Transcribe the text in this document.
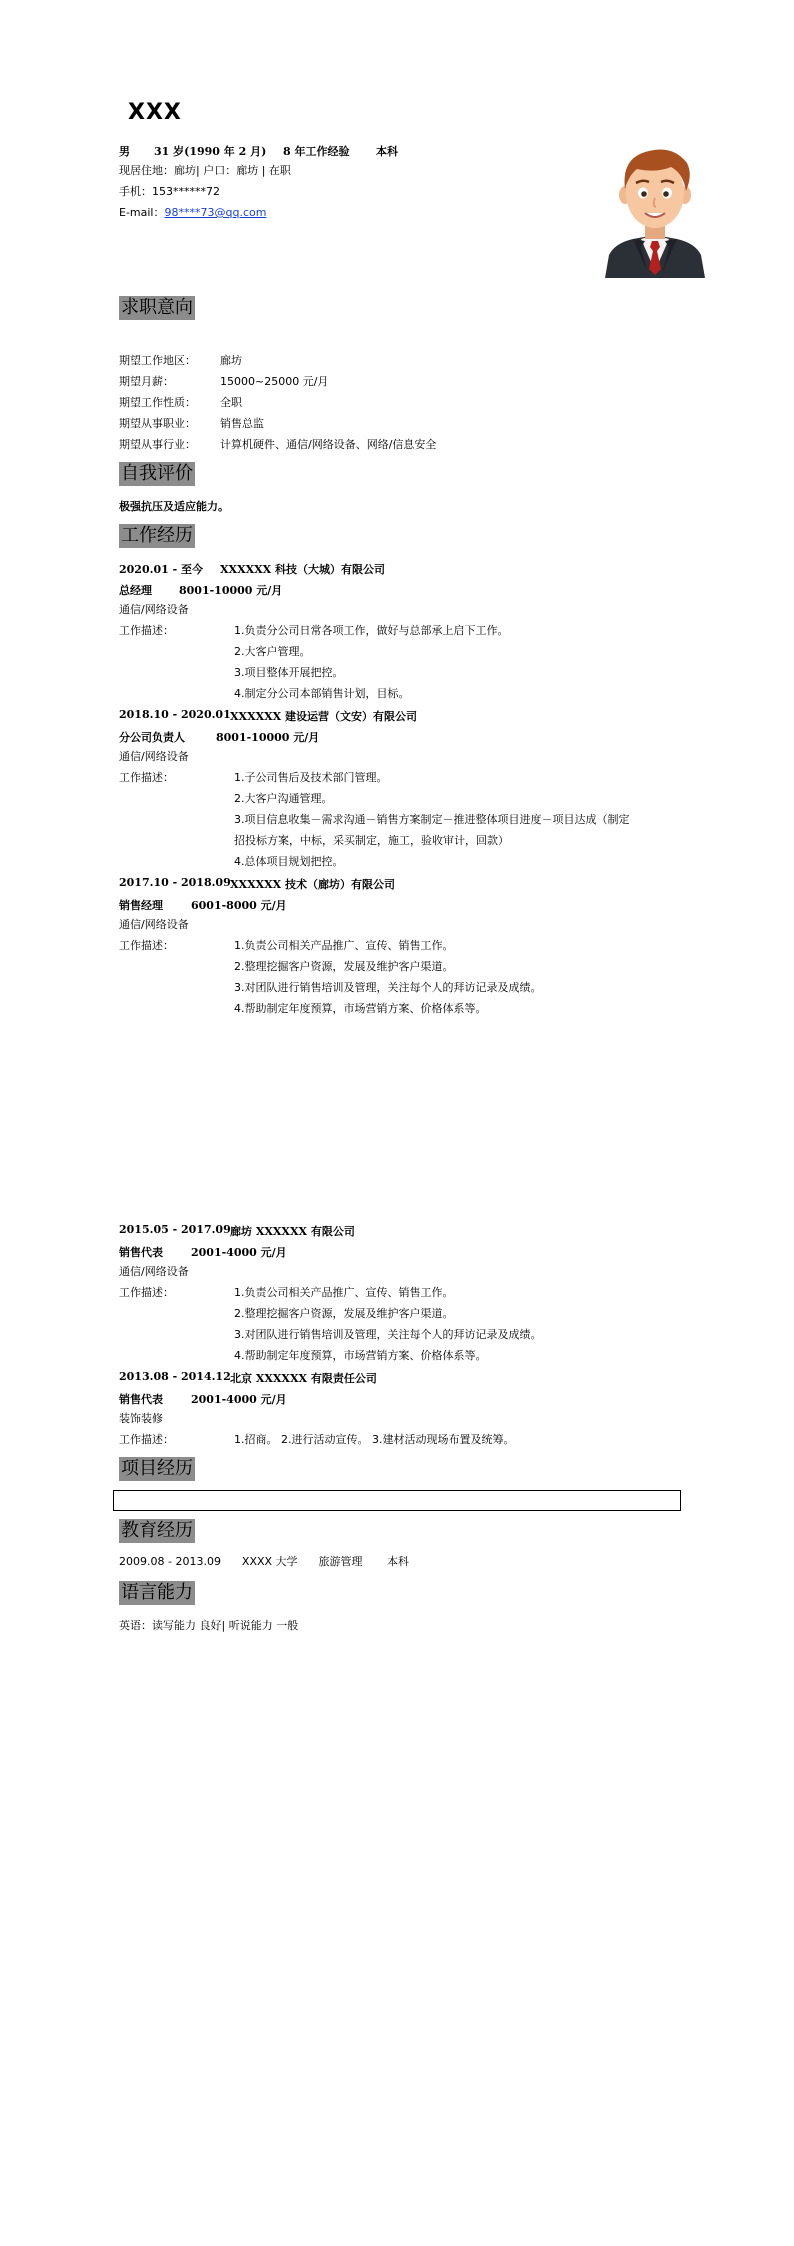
XXX
男 31 岁(1990 年 2 月) 8 年工作经验 本科
现居住地：廊坊| 户口：廊坊 | 在职
手机：153******72
E-mail：98****73@qq.com
求职意向
期望工作地区： 廊坊
期望月薪：	15000~25000 元/月
期望工作性质： 全职
期望从事职业： 销售总监
期望从事行业： 计算机硬件、通信/网络设备、网络/信息安全
自我评价
极强抗压及适应能力。
工作经历
2020.01 - 至今 XXXXXX 科技（大城）有限公司
总经理 8001-10000 元/月
通信/网络设备
工作描述：	1.负责分公司日常各项工作，做好与总部承上启下工作。
2.大客户管理。
3.项目整体开展把控。
4.制定分公司本部销售计划，目标。
2018.10 - 2020.01 XXXXXX 建设运营（文安）有限公司
分公司负责人	8001-10000 元/月
通信/网络设备
工作描述：	1.子公司售后及技术部门管理。
2.大客户沟通管理。
3.项目信息收集－需求沟通－销售方案制定－推进整体项目进度－项目达成（制定
招投标方案，中标，采买制定，施工，验收审计，回款）
4.总体项目规划把控。
2017.10 - 2018.09 XXXXXX 技术（廊坊）有限公司
销售经理	6001-8000 元/月
通信/网络设备
工作描述：	1.负责公司相关产品推广、宣传、销售工作。
2.整理挖掘客户资源，发展及维护客户渠道。
3.对团队进行销售培训及管理，关注每个人的拜访记录及成绩。
4.帮助制定年度预算，市场营销方案、价格体系等。
2015.05 - 2017.09 廊坊 XXXXXX 有限公司
销售代表	2001-4000 元/月
通信/网络设备
工作描述：	1.负责公司相关产品推广、宣传、销售工作。
2.整理挖掘客户资源，发展及维护客户渠道。
3.对团队进行销售培训及管理，关注每个人的拜访记录及成绩。
4.帮助制定年度预算，市场营销方案、价格体系等。
2013.08 - 2014.12 北京 XXXXXX 有限责任公司
销售代表	2001-4000 元/月
装饰装修
工作描述：	1.招商。 2.进行活动宣传。 3.建材活动现场布置及统筹。
项目经历
教育经历
2009.08 - 2013.09      XXXX 大学      旅游管理       本科
语言能力
英语：读写能力 良好| 听说能力 一般
